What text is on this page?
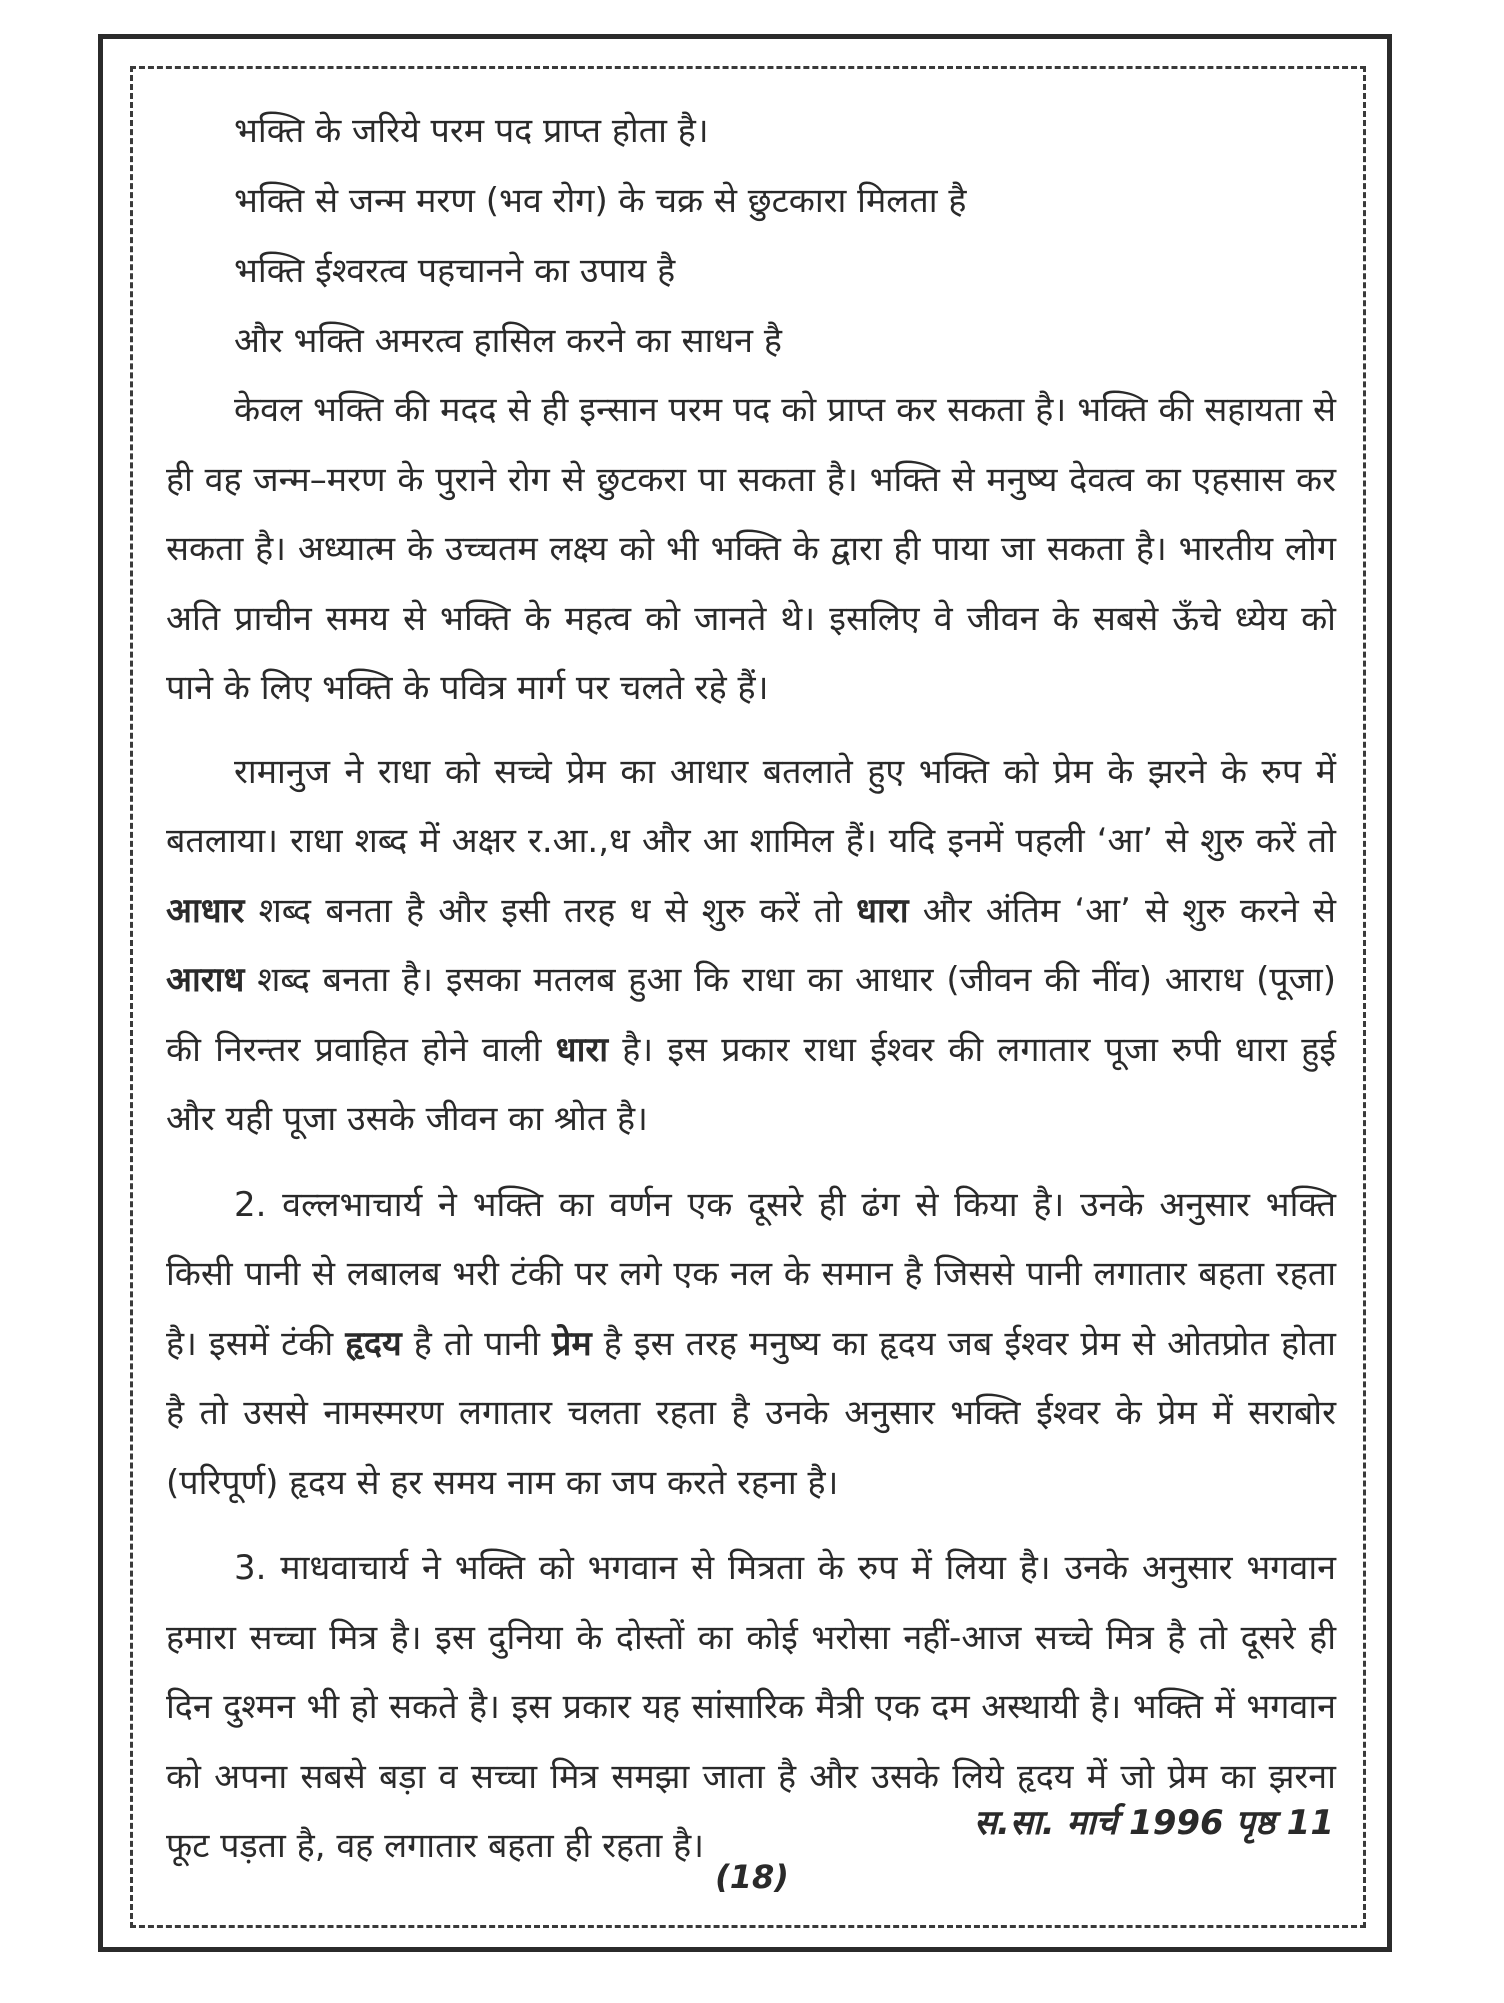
भक्ति के जरिये परम पद प्राप्त होता है।
भक्ति से जन्म मरण (भव रोग) के चक्र से छुटकारा मिलता है
भक्ति ईश्वरत्व पहचानने का उपाय है
और भक्ति अमरत्व हासिल करने का साधन है

केवल भक्ति की मदद से ही इन्सान परम पद को प्राप्त कर सकता है। भक्ति की सहायता से ही वह जन्म–मरण के पुराने रोग से छुटकरा पा सकता है। भक्ति से मनुष्य देवत्व का एहसास कर सकता है। अध्यात्म के उच्चतम लक्ष्य को भी भक्ति के द्वारा ही पाया जा सकता है। भारतीय लोग अति प्राचीन समय से भक्ति के महत्व को जानते थे। इसलिए वे जीवन के सबसे ऊँचे ध्येय को पाने के लिए भक्ति के पवित्र मार्ग पर चलते रहे हैं।

रामानुज ने राधा को सच्चे प्रेम का आधार बतलाते हुए भक्ति को प्रेम के झरने के रुप में बतलाया। राधा शब्द में अक्षर र.आ.,ध और आ शामिल हैं। यदि इनमें पहली ‘आ’ से शुरु करें तो आधार शब्द बनता है और इसी तरह ध से शुरु करें तो धारा और अंतिम ‘आ’ से शुरु करने से आराध शब्द बनता है। इसका मतलब हुआ कि राधा का आधार (जीवन की नींव) आराध (पूजा) की निरन्तर प्रवाहित होने वाली धारा है। इस प्रकार राधा ईश्वर की लगातार पूजा रुपी धारा हुई और यही पूजा उसके जीवन का श्रोत है।

2. वल्लभाचार्य ने भक्ति का वर्णन एक दूसरे ही ढंग से किया है। उनके अनुसार भक्ति किसी पानी से लबालब भरी टंकी पर लगे एक नल के समान है जिससे पानी लगातार बहता रहता है। इसमें टंकी हृदय है तो पानी प्रेम है इस तरह मनुष्य का हृदय जब ईश्वर प्रेम से ओतप्रोत होता है तो उससे नामस्मरण लगातार चलता रहता है उनके अनुसार भक्ति ईश्वर के प्रेम में सराबोर (परिपूर्ण) हृदय से हर समय नाम का जप करते रहना है।

3. माधवाचार्य ने भक्ति को भगवान से मित्रता के रुप में लिया है। उनके अनुसार भगवान हमारा सच्चा मित्र है। इस दुनिया के दोस्तों का कोई भरोसा नहीं-आज सच्चे मित्र है तो दूसरे ही दिन दुश्मन भी हो सकते है। इस प्रकार यह सांसारिक मैत्री एक दम अस्थायी है। भक्ति में भगवान को अपना सबसे बड़ा व सच्चा मित्र समझा जाता है और उसके लिये हृदय में जो प्रेम का झरना फूट पड़ता है, वह लगातार बहता ही रहता है।

स.सा. मार्च 1996 पृष्ठ 11
(18)
